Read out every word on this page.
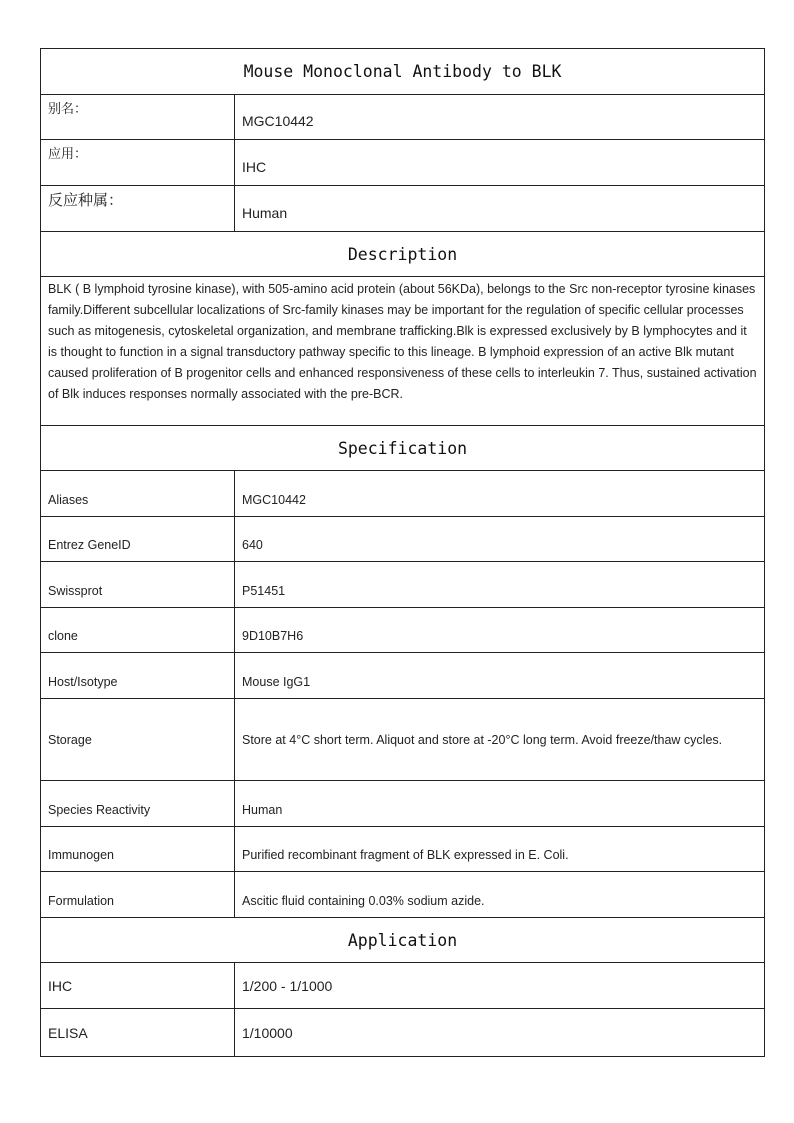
Mouse Monoclonal Antibody to BLK	
别名：	MGC10442
应用：	IHC
反应种属：	Human
Description	
BLK ( B lymphoid tyrosine kinase), with 505-amino acid protein (about 56KDa), belongs to the Src non-receptor tyrosine kinases family.Different subcellular localizations of Src-family kinases may be important for the regulation of specific cellular processes such as mitogenesis, cytoskeletal organization, and membrane trafficking.Blk is expressed exclusively by B lymphocytes and it is thought to function in a signal transductory pathway specific to this lineage. B lymphoid expression of an active Blk mutant caused proliferation of B progenitor cells and enhanced responsiveness of these cells to interleukin 7. Thus, sustained activation of Blk induces responses normally associated with the pre-BCR.	
Specification	
Aliases	MGC10442
Entrez GeneID	640
Swissprot	P51451
clone	9D10B7H6
Host/Isotype	Mouse IgG1
Storage	Store at 4°C short term. Aliquot and store at -20°C long term. Avoid freeze/thaw cycles.
Species Reactivity	Human
Immunogen	Purified recombinant fragment of BLK expressed in E. Coli.
Formulation	Ascitic fluid containing 0.03% sodium azide.
Application	
IHC	1/200 - 1/1000
ELISA	1/10000
